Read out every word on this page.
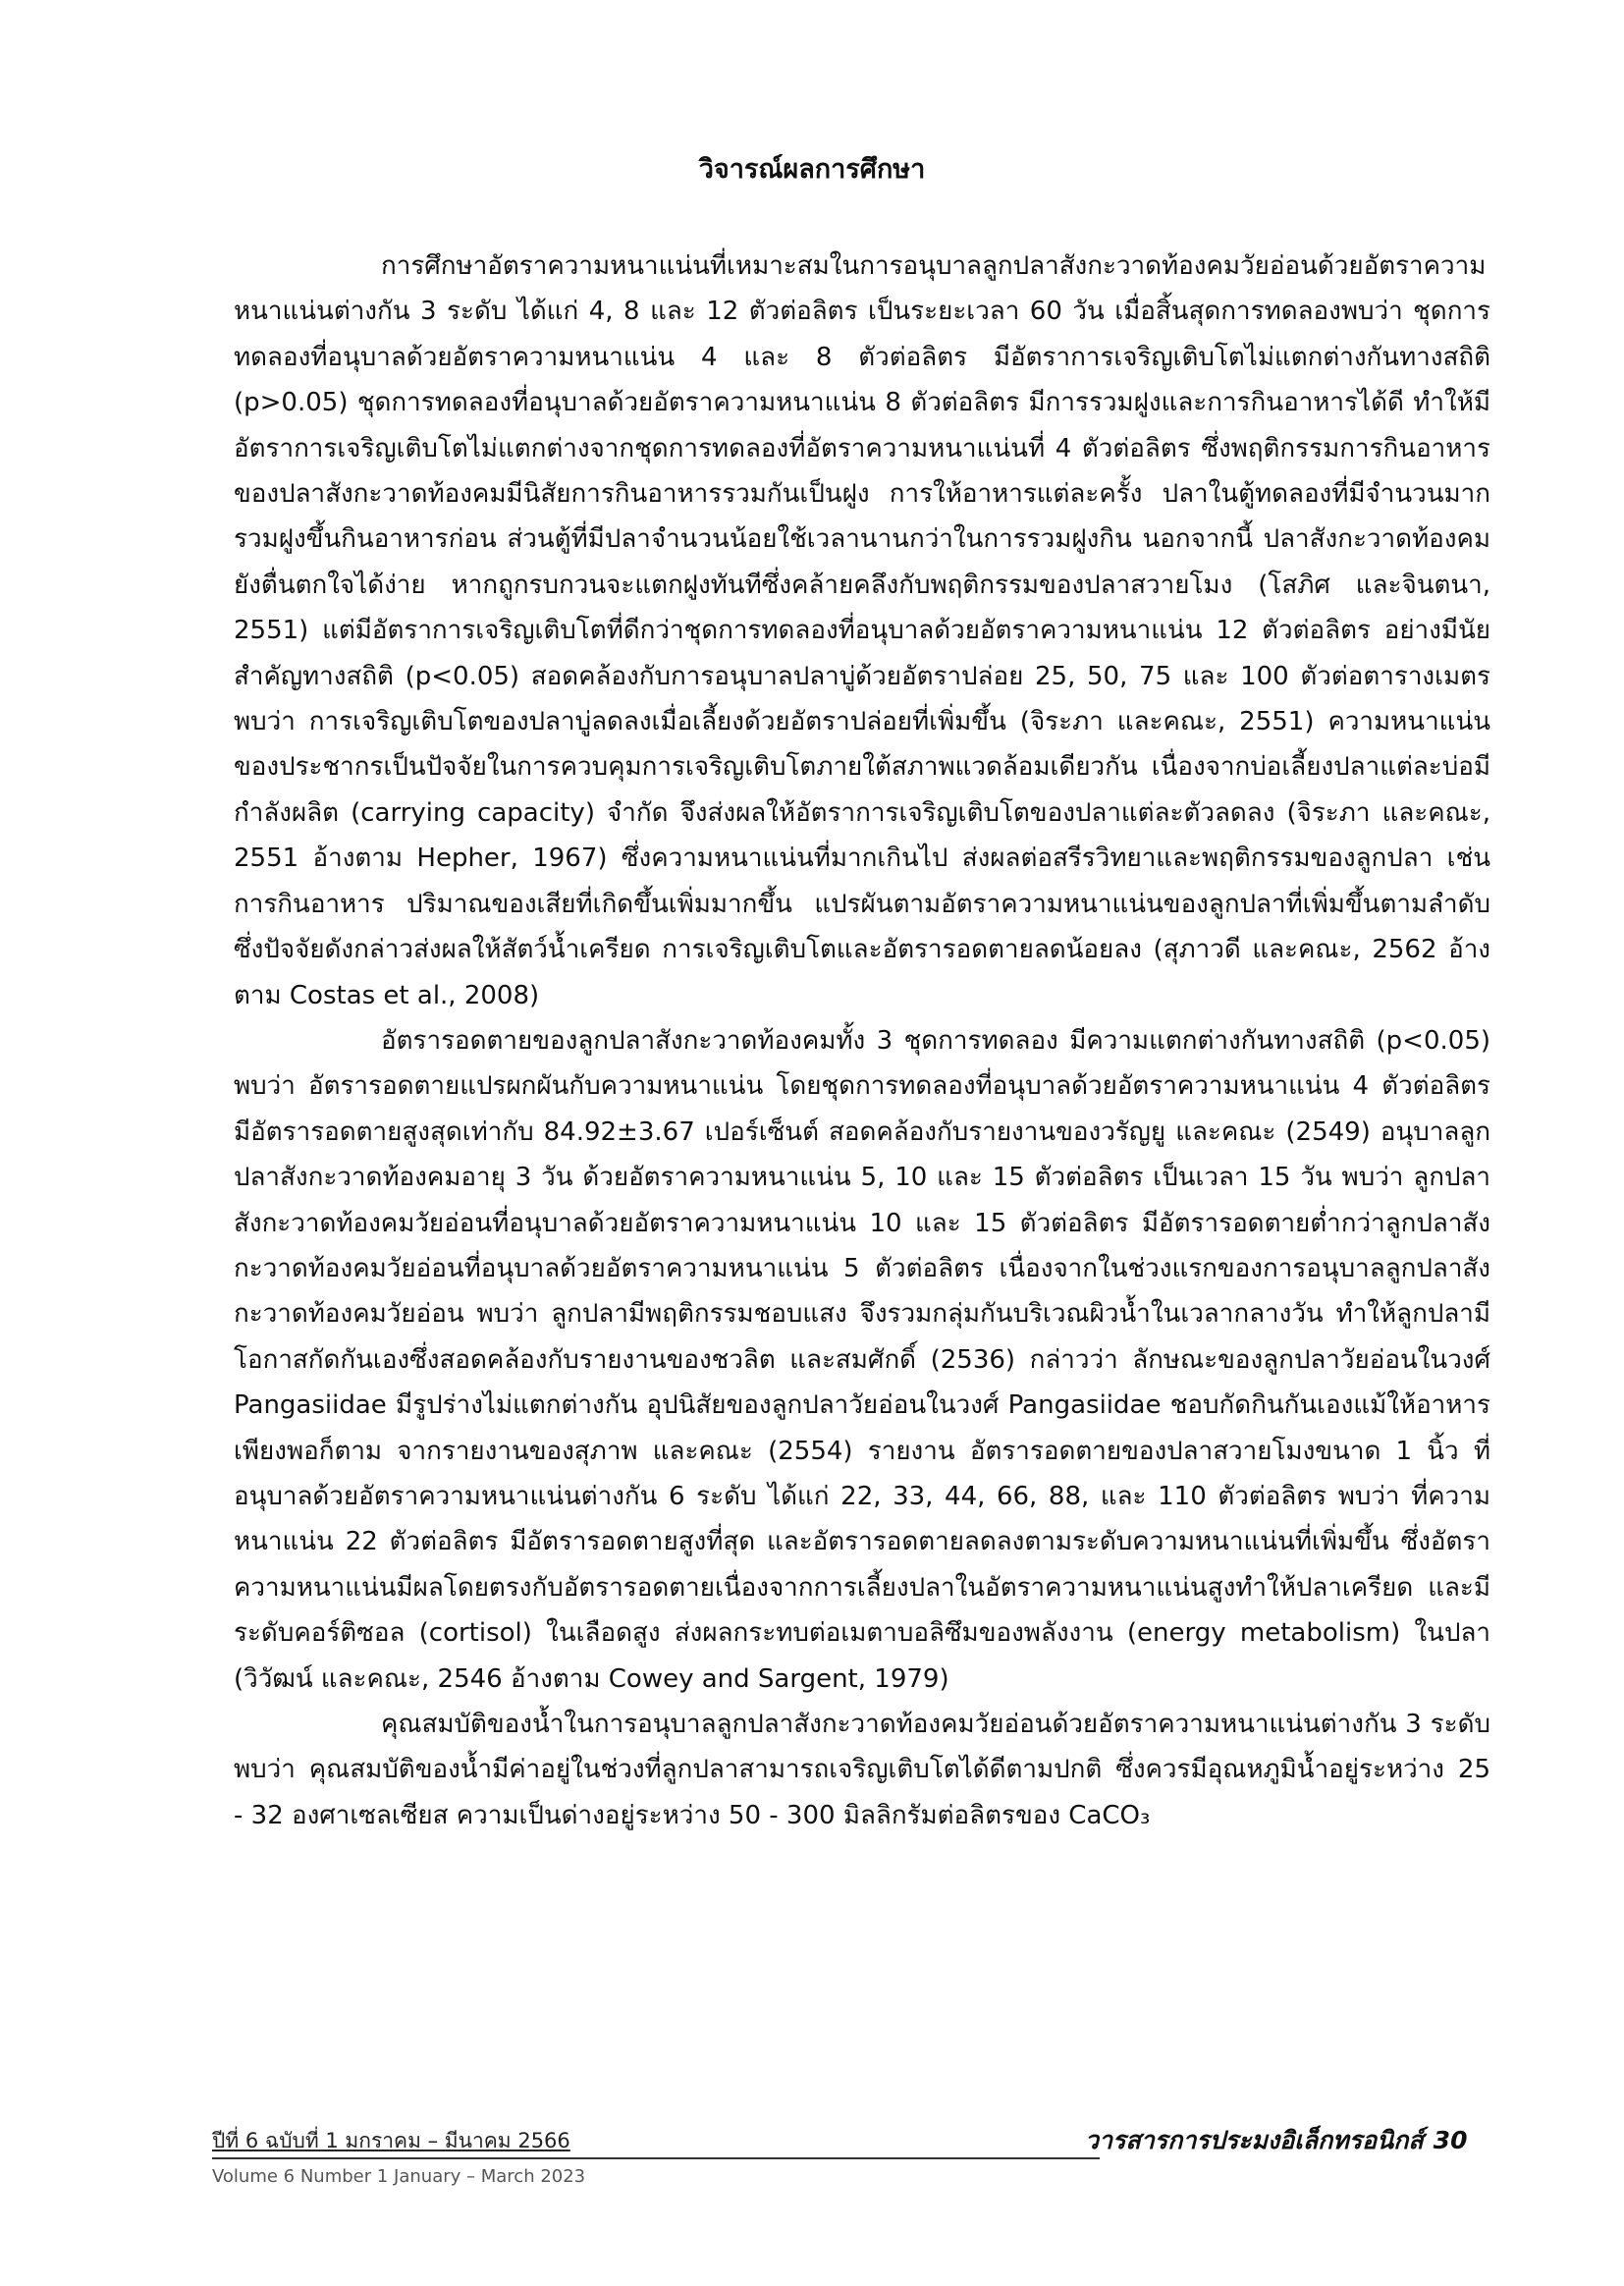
วิจารณ์ผลการศึกษา

การศึกษาอัตราความหนาแน่นที่เหมาะสมในการอนุบาลลูกปลาสังกะวาดท้องคมวัยอ่อนด้วยอัตราความหนาแน่นต่างกัน 3 ระดับ ได้แก่ 4, 8 และ 12 ตัวต่อลิตร เป็นระยะเวลา 60 วัน เมื่อสิ้นสุดการทดลองพบว่า ชุดการทดลองที่อนุบาลด้วยอัตราความหนาแน่น 4 และ 8 ตัวต่อลิตร มีอัตราการเจริญเติบโตไม่แตกต่างกันทางสถิติ (p>0.05) ชุดการทดลองที่อนุบาลด้วยอัตราความหนาแน่น 8 ตัวต่อลิตร มีการรวมฝูงและการกินอาหารได้ดี ทำให้มีอัตราการเจริญเติบโตไม่แตกต่างจากชุดการทดลองที่อัตราความหนาแน่นที่ 4 ตัวต่อลิตร ซึ่งพฤติกรรมการกินอาหารของปลาสังกะวาดท้องคมมีนิสัยการกินอาหารรวมกันเป็นฝูง การให้อาหารแต่ละครั้ง ปลาในตู้ทดลองที่มีจำนวนมากรวมฝูงขึ้นกินอาหารก่อน ส่วนตู้ที่มีปลาจำนวนน้อยใช้เวลานานกว่าในการรวมฝูงกิน นอกจากนี้ ปลาสังกะวาดท้องคมยังตื่นตกใจได้ง่าย หากถูกรบกวนจะแตกฝูงทันทีซึ่งคล้ายคลึงกับพฤติกรรมของปลาสวายโมง (โสภิศ และจินตนา, 2551) แต่มีอัตราการเจริญเติบโตที่ดีกว่าชุดการทดลองที่อนุบาลด้วยอัตราความหนาแน่น 12 ตัวต่อลิตร อย่างมีนัยสำคัญทางสถิติ (p<0.05) สอดคล้องกับการอนุบาลปลาบู่ด้วยอัตราปล่อย 25, 50, 75 และ 100 ตัวต่อตารางเมตร พบว่า การเจริญเติบโตของปลาบู่ลดลงเมื่อเลี้ยงด้วยอัตราปล่อยที่เพิ่มขึ้น (จิระภา และคณะ, 2551) ความหนาแน่นของประชากรเป็นปัจจัยในการควบคุมการเจริญเติบโตภายใต้สภาพแวดล้อมเดียวกัน เนื่องจากบ่อเลี้ยงปลาแต่ละบ่อมีกำลังผลิต (carrying capacity) จำกัด จึงส่งผลให้อัตราการเจริญเติบโตของปลาแต่ละตัวลดลง (จิระภา และคณะ, 2551 อ้างตาม Hepher, 1967) ซึ่งความหนาแน่นที่มากเกินไป ส่งผลต่อสรีรวิทยาและพฤติกรรมของลูกปลา เช่น การกินอาหาร ปริมาณของเสียที่เกิดขึ้นเพิ่มมากขึ้น แปรผันตามอัตราความหนาแน่นของลูกปลาที่เพิ่มขึ้นตามลำดับ ซึ่งปัจจัยดังกล่าวส่งผลให้สัตว์น้ำเครียด การเจริญเติบโตและอัตรารอดตายลดน้อยลง (สุภาวดี และคณะ, 2562 อ้างตาม Costas et al., 2008)

อัตรารอดตายของลูกปลาสังกะวาดท้องคมทั้ง 3 ชุดการทดลอง มีความแตกต่างกันทางสถิติ (p<0.05) พบว่า อัตรารอดตายแปรผกผันกับความหนาแน่น โดยชุดการทดลองที่อนุบาลด้วยอัตราความหนาแน่น 4 ตัวต่อลิตร มีอัตรารอดตายสูงสุดเท่ากับ 84.92±3.67 เปอร์เซ็นต์ สอดคล้องกับรายงานของวรัญยู และคณะ (2549) อนุบาลลูกปลาสังกะวาดท้องคมอายุ 3 วัน ด้วยอัตราความหนาแน่น 5, 10 และ 15 ตัวต่อลิตร เป็นเวลา 15 วัน พบว่า ลูกปลาสังกะวาดท้องคมวัยอ่อนที่อนุบาลด้วยอัตราความหนาแน่น 10 และ 15 ตัวต่อลิตร มีอัตรารอดตายต่ำกว่าลูกปลาสังกะวาดท้องคมวัยอ่อนที่อนุบาลด้วยอัตราความหนาแน่น 5 ตัวต่อลิตร เนื่องจากในช่วงแรกของการอนุบาลลูกปลาสังกะวาดท้องคมวัยอ่อน พบว่า ลูกปลามีพฤติกรรมชอบแสง จึงรวมกลุ่มกันบริเวณผิวน้ำในเวลากลางวัน ทำให้ลูกปลามีโอกาสกัดกันเองซึ่งสอดคล้องกับรายงานของชวลิต และสมศักดิ์ (2536) กล่าวว่า ลักษณะของลูกปลาวัยอ่อนในวงศ์ Pangasiidae มีรูปร่างไม่แตกต่างกัน อุปนิสัยของลูกปลาวัยอ่อนในวงศ์ Pangasiidae ชอบกัดกินกันเองแม้ให้อาหารเพียงพอก็ตาม จากรายงานของสุภาพ และคณะ (2554) รายงาน อัตรารอดตายของปลาสวายโมงขนาด 1 นิ้ว ที่อนุบาลด้วยอัตราความหนาแน่นต่างกัน 6 ระดับ ได้แก่ 22, 33, 44, 66, 88, และ 110 ตัวต่อลิตร พบว่า ที่ความหนาแน่น 22 ตัวต่อลิตร มีอัตรารอดตายสูงที่สุด และอัตรารอดตายลดลงตามระดับความหนาแน่นที่เพิ่มขึ้น ซึ่งอัตราความหนาแน่นมีผลโดยตรงกับอัตรารอดตายเนื่องจากการเลี้ยงปลาในอัตราความหนาแน่นสูงทำให้ปลาเครียด และมีระดับคอร์ติซอล (cortisol) ในเลือดสูง ส่งผลกระทบต่อเมตาบอลิซึมของพลังงาน (energy metabolism) ในปลา (วิวัฒน์ และคณะ, 2546 อ้างตาม Cowey and Sargent, 1979)

คุณสมบัติของน้ำในการอนุบาลลูกปลาสังกะวาดท้องคมวัยอ่อนด้วยอัตราความหนาแน่นต่างกัน 3 ระดับ พบว่า คุณสมบัติของน้ำมีค่าอยู่ในช่วงที่ลูกปลาสามารถเจริญเติบโตได้ดีตามปกติ ซึ่งควรมีอุณหภูมิน้ำอยู่ระหว่าง 25 - 32 องศาเซลเซียส ความเป็นด่างอยู่ระหว่าง 50 - 300 มิลลิกรัมต่อลิตรของ CaCO₃

ปีที่ 6 ฉบับที่ 1 มกราคม – มีนาคม 2566

Volume 6 Number 1 January – March 2023

วารสารการประมงอิเล็กทรอนิกส์ 30
